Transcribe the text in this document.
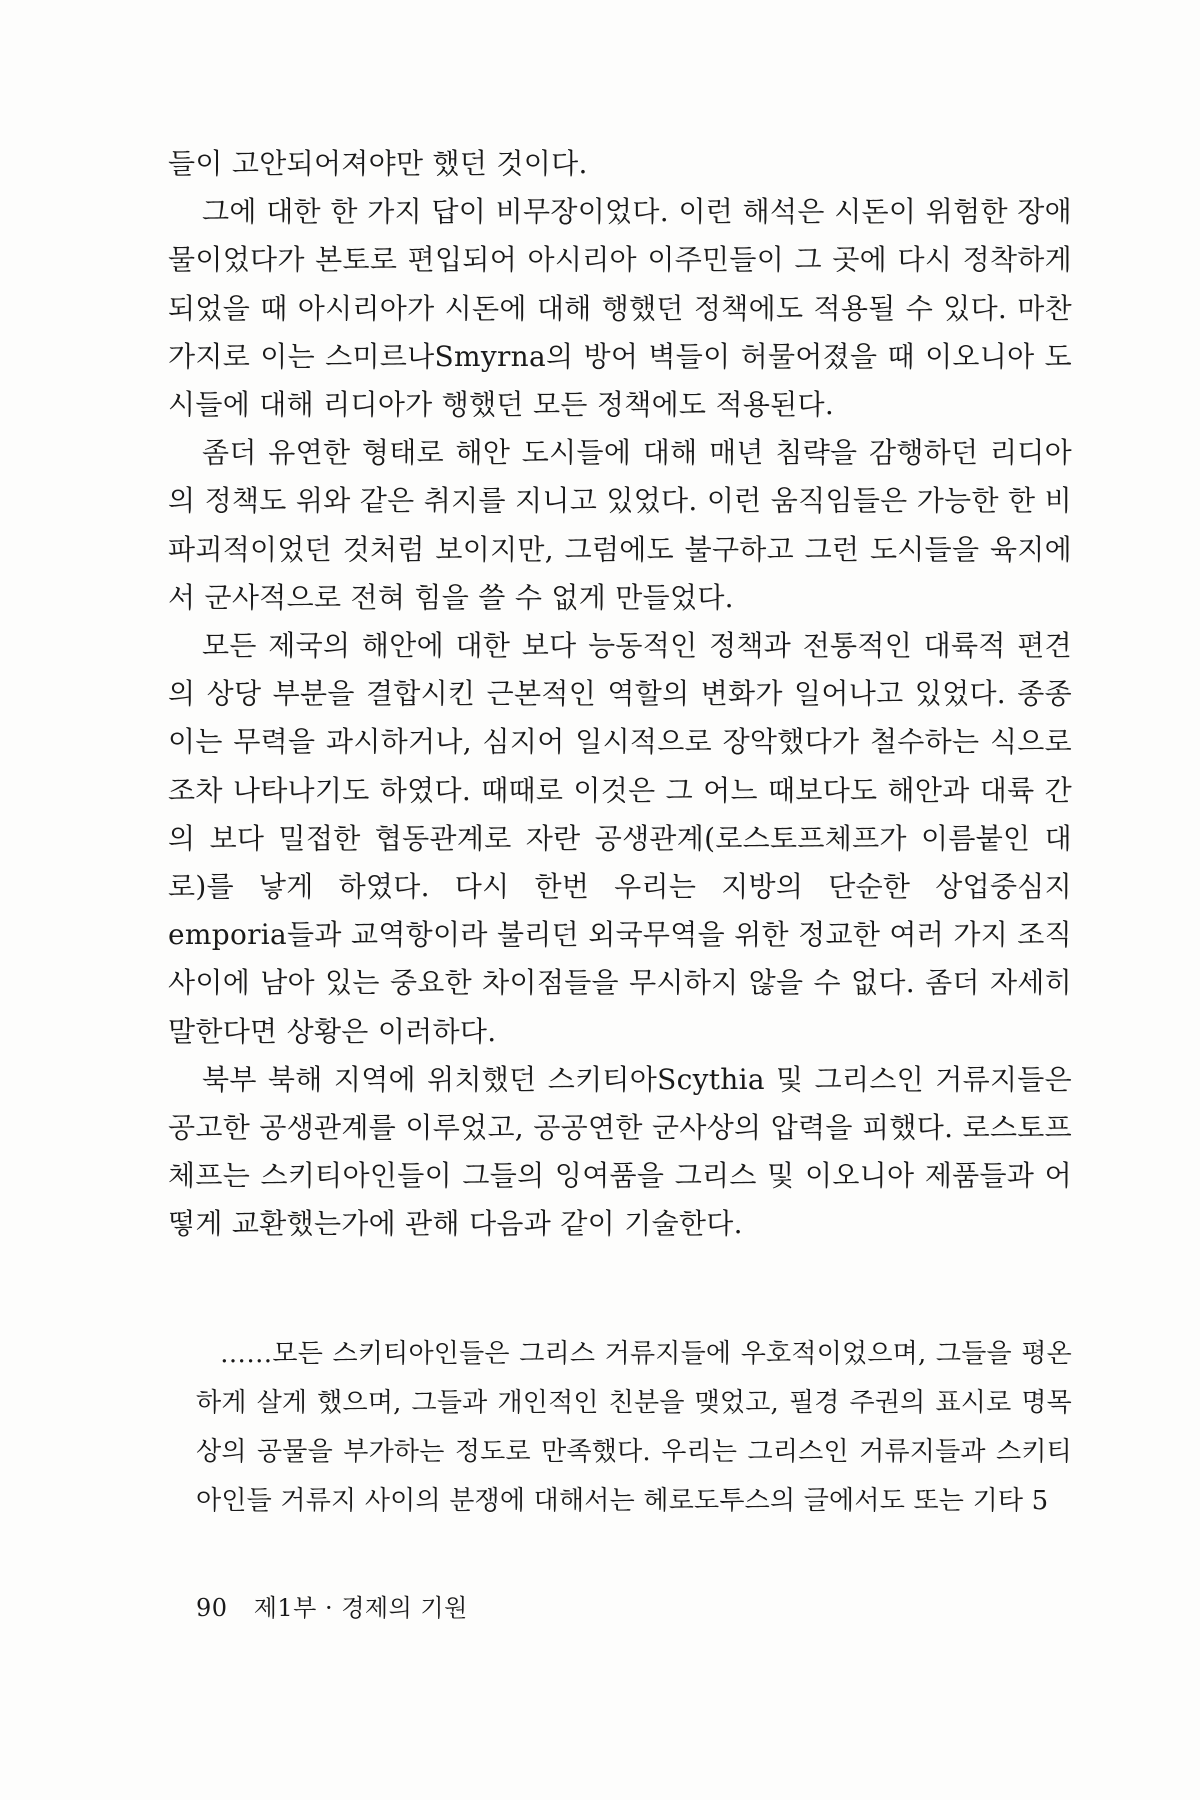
들이 고안되어져야만 했던 것이다.

그에 대한 한 가지 답이 비무장이었다. 이런 해석은 시돈이 위험한 장애물이었다가 본토로 편입되어 아시리아 이주민들이 그 곳에 다시 정착하게 되었을 때 아시리아가 시돈에 대해 행했던 정책에도 적용될 수 있다. 마찬가지로 이는 스미르나Smyrna의 방어 벽들이 허물어졌을 때 이오니아 도시들에 대해 리디아가 행했던 모든 정책에도 적용된다.

좀더 유연한 형태로 해안 도시들에 대해 매년 침략을 감행하던 리디아의 정책도 위와 같은 취지를 지니고 있었다. 이런 움직임들은 가능한 한 비파괴적이었던 것처럼 보이지만, 그럼에도 불구하고 그런 도시들을 육지에서 군사적으로 전혀 힘을 쓸 수 없게 만들었다.

모든 제국의 해안에 대한 보다 능동적인 정책과 전통적인 대륙적 편견의 상당 부분을 결합시킨 근본적인 역할의 변화가 일어나고 있었다. 종종 이는 무력을 과시하거나, 심지어 일시적으로 장악했다가 철수하는 식으로조차 나타나기도 하였다. 때때로 이것은 그 어느 때보다도 해안과 대륙 간의 보다 밀접한 협동관계로 자란 공생관계(로스토프체프가 이름붙인 대로)를 낳게 하였다. 다시 한번 우리는 지방의 단순한 상업중심지 emporia들과 교역항이라 불리던 외국무역을 위한 정교한 여러 가지 조직 사이에 남아 있는 중요한 차이점들을 무시하지 않을 수 없다. 좀더 자세히 말한다면 상황은 이러하다.

북부 북해 지역에 위치했던 스키티아Scythia 및 그리스인 거류지들은 공고한 공생관계를 이루었고, 공공연한 군사상의 압력을 피했다. 로스토프체프는 스키티아인들이 그들의 잉여품을 그리스 및 이오니아 제품들과 어떻게 교환했는가에 관해 다음과 같이 기술한다.

……모든 스키티아인들은 그리스 거류지들에 우호적이었으며, 그들을 평온하게 살게 했으며, 그들과 개인적인 친분을 맺었고, 필경 주권의 표시로 명목상의 공물을 부가하는 정도로 만족했다. 우리는 그리스인 거류지들과 스키티아인들 거류지 사이의 분쟁에 대해서는 헤로도투스의 글에서도 또는 기타 5

90 제1부 · 경제의 기원
